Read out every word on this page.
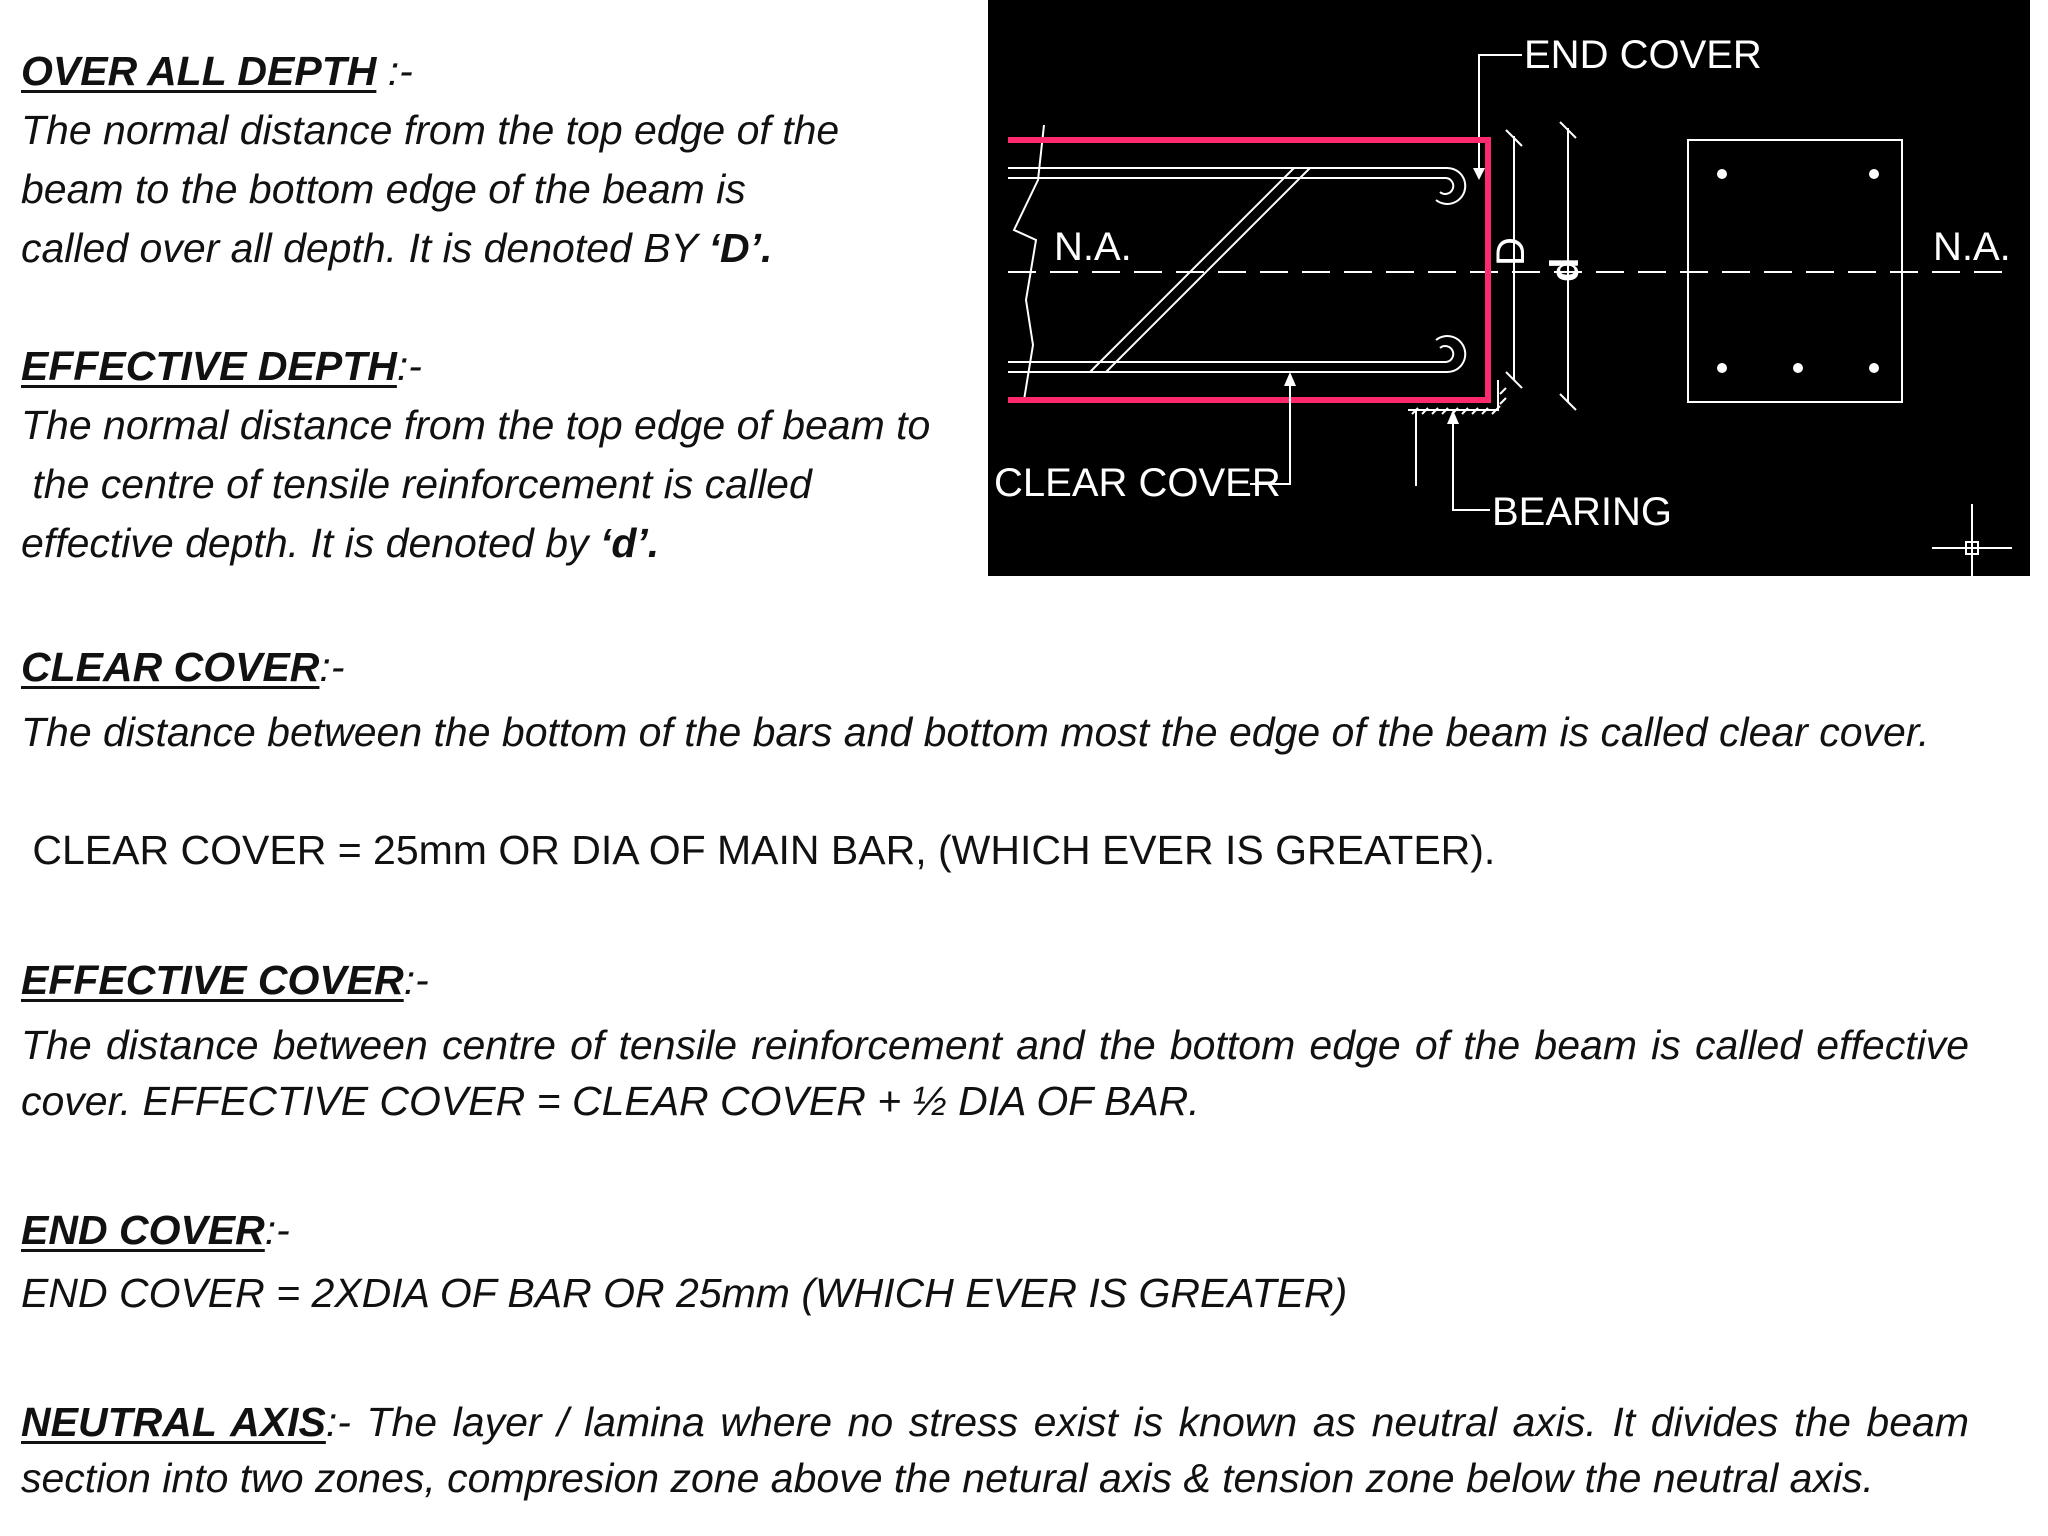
OVER ALL DEPTH :-
The normal distance from the top edge of the
beam to the bottom edge of the beam is
called over all depth. It is denoted BY ‘D’.
EFFECTIVE DEPTH:-
The normal distance from the top edge of beam to
the centre of tensile reinforcement is called
effective depth. It is denoted by ‘d’.
CLEAR COVER:-

The distance between the bottom of the bars and bottom most the edge of the beam is called clear cover.

CLEAR COVER = 25mm OR DIA OF MAIN BAR, (WHICH EVER IS GREATER).
EFFECTIVE COVER:-

The distance between centre of tensile reinforcement and the bottom edge of the beam is called effective cover. EFFECTIVE COVER = CLEAR COVER + ½ DIA OF BAR.

END COVER:-
END COVER = 2XDIA OF BAR OR 25mm (WHICH EVER IS GREATER)

NEUTRAL AXIS:- The layer / lamina where no stress exist is known as neutral axis. It divides the beam section into two zones, compresion zone above the netural axis & tension zone below the neutral axis.

END COVER
N.A.	N.A.
BEARING
CLEAR COVER
D
d
